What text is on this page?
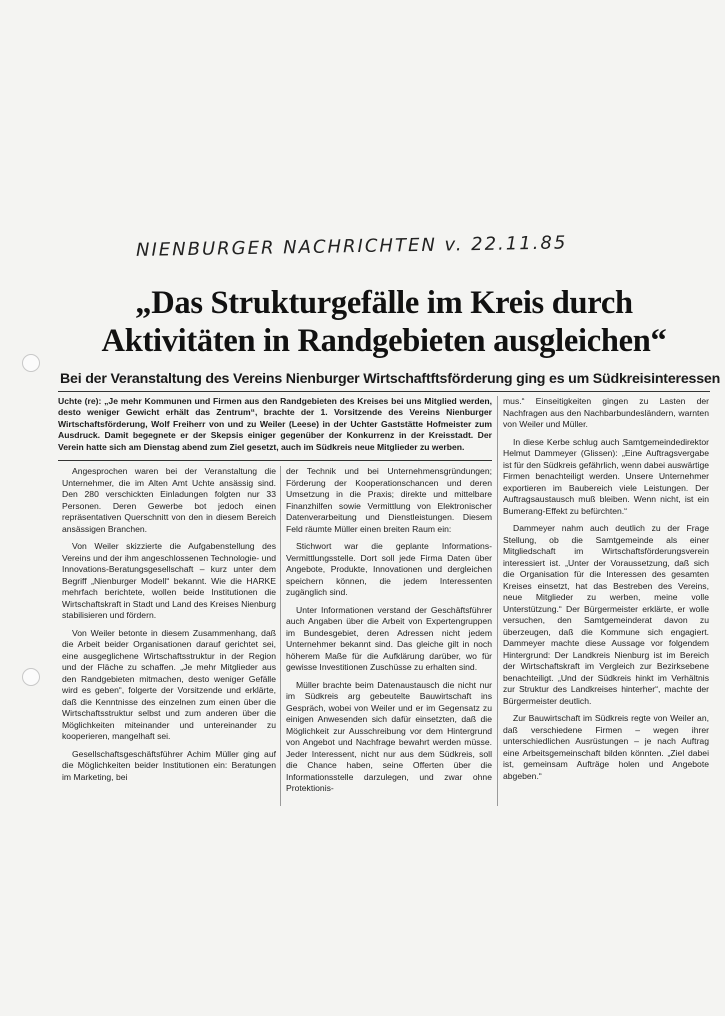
NIENBURGER NACHRICHTEN v. 22.11.85
„Das Strukturgefälle im Kreis durch
Aktivitäten in Randgebieten ausgleichen“
Bei der Veranstaltung des Vereins Nienburger Wirtschaftftsförderung ging es um Südkreisinteressen

Uchte (re): „Je mehr Kommunen und Firmen aus den Randgebieten des Kreises bei uns Mitglied werden, desto weniger Gewicht erhält das Zentrum“, brachte der 1. Vorsitzende des Vereins Nienburger Wirtschaftsförderung, Wolf Freiherr von und zu Weiler (Leese) in der Uchter Gaststätte Hofmeister zum Ausdruck. Damit begegnete er der Skepsis einiger gegenüber der Konkurrenz in der Kreisstadt. Der Verein hatte sich am Dienstag abend zum Ziel gesetzt, auch im Südkreis neue Mitglieder zu werben.

Angesprochen waren bei der Veranstaltung die Unternehmer, die im Alten Amt Uchte ansässig sind. Den 280 verschickten Einladungen folgten nur 33 Personen. Deren Gewerbe bot jedoch einen repräsentativen Querschnitt von den in diesem Bereich ansässigen Branchen.

Von Weiler skizzierte die Aufgabenstellung des Vereins und der ihm angeschlossenen Technologie- und Innovations-Beratungsgesellschaft – kurz unter dem Begriff „Nienburger Modell“ bekannt. Wie die HARKE mehrfach berichtete, wollen beide Institutionen die Wirtschaftskraft in Stadt und Land des Kreises Nienburg stabilisieren und fördern.

Von Weiler betonte in diesem Zusammenhang, daß die Arbeit beider Organisationen darauf gerichtet sei, eine ausgeglichene Wirtschaftsstruktur in der Region und der Fläche zu schaffen. „Je mehr Mitglieder aus den Randgebieten mitmachen, desto weniger Gefälle wird es geben“, folgerte der Vorsitzende und erklärte, daß die Kenntnisse des einzelnen zum einen über die Wirtschaftsstruktur selbst und zum anderen über die Möglichkeiten miteinander und untereinander zu kooperieren, mangelhaft sei.

Gesellschaftsgeschäftsführer Achim Müller ging auf die Möglichkeiten beider Institutionen ein: Beratungen im Marketing, bei

der Technik und bei Unternehmensgründungen; Förderung der Kooperationschancen und deren Umsetzung in die Praxis; direkte und mittelbare Finanzhilfen sowie Vermittlung von Elektronischer Datenverarbeitung und Dienstleistungen. Diesem Feld räumte Müller einen breiten Raum ein:

Stichwort war die geplante Informations-Vermittlungsstelle. Dort soll jede Firma Daten über Angebote, Produkte, Innovationen und dergleichen speichern können, die jedem Interessenten zugänglich sind.

Unter Informationen verstand der Geschäftsführer auch Angaben über die Arbeit von Expertengruppen im Bundesgebiet, deren Adressen nicht jedem Unternehmer bekannt sind. Das gleiche gilt in noch höherem Maße für die Aufklärung darüber, wo für gewisse Investitionen Zuschüsse zu erhalten sind.

Müller brachte beim Datenaustausch die nicht nur im Südkreis arg gebeutelte Bauwirtschaft ins Gespräch, wobei von Weiler und er im Gegensatz zu einigen Anwesenden sich dafür einsetzten, daß die Möglichkeit zur Ausschreibung vor dem Hintergrund von Angebot und Nachfrage bewahrt werden müsse. Jeder Interessent, nicht nur aus dem Südkreis, soll die Chance haben, seine Offerten über die Informationsstelle darzulegen, und zwar ohne Protektionis-

mus.“ Einseitigkeiten gingen zu Lasten der Nachfragen aus den Nachbarbundesländern, warnten von Weiler und Müller.

In diese Kerbe schlug auch Samtgemeindedirektor Helmut Dammeyer (Glissen): „Eine Auftragsvergabe ist für den Südkreis gefährlich, wenn dabei auswärtige Firmen benachteiligt werden. Unsere Unternehmer exportieren im Baubereich viele Leistungen. Der Auftragsaustausch muß bleiben. Wenn nicht, ist ein Bumerang-Effekt zu befürchten.“

Dammeyer nahm auch deutlich zu der Frage Stellung, ob die Samtgemeinde als einer Mitgliedschaft im Wirtschaftsförderungsverein interessiert ist. „Unter der Voraussetzung, daß sich die Organisation für die Interessen des gesamten Kreises einsetzt, hat das Bestreben des Vereins, neue Mitglieder zu werben, meine volle Unterstützung.“ Der Bürgermeister erklärte, er wolle versuchen, den Samtgemeinderat davon zu überzeugen, daß die Kommune sich engagiert. Dammeyer machte diese Aussage vor folgendem Hintergrund: Der Landkreis Nienburg ist im Bereich der Wirtschaftskraft im Vergleich zur Bezirksebene benachteiligt. „Und der Südkreis hinkt im Verhältnis zur Struktur des Landkreises hinterher“, machte der Bürgermeister deutlich.

Zur Bauwirtschaft im Südkreis regte von Weiler an, daß verschiedene Firmen – wegen ihrer unterschiedlichen Ausrüstungen – je nach Auftrag eine Arbeitsgemeinschaft bilden könnten. „Ziel dabei ist, gemeinsam Aufträge holen und Angebote abgeben.“
